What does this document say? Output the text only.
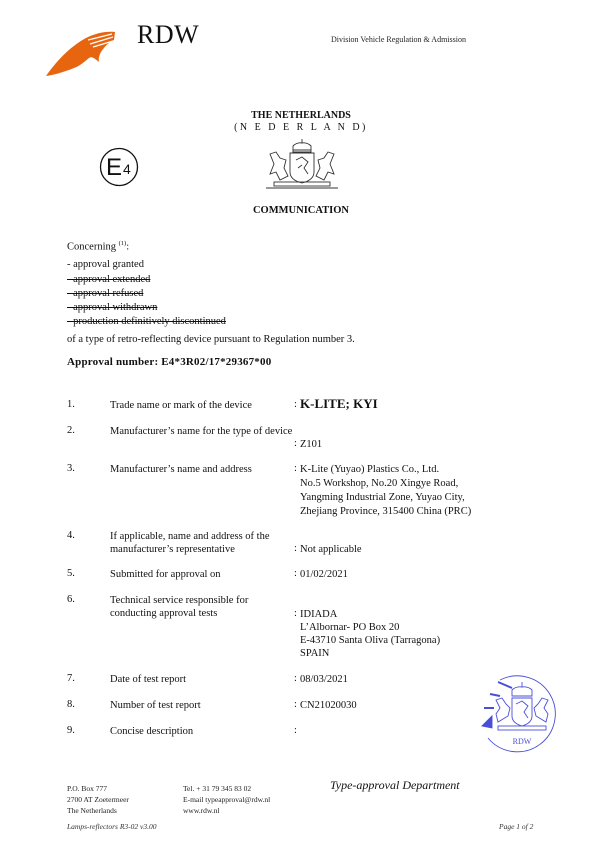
RDW	Division Vehicle Regulation & Admission
THE NETHERLANDS
(N E D E R L A N D)
E 4
COMMUNICATION
Concerning $^{(1)}$:
- approval granted
- approval extended
- approval refused
- approval withdrawn
- production definitively discontinued
of a type of retro-reflecting device pursuant to Regulation number 3.
Approval number: E4*3R02/17*29367*00
1.	Trade name or mark of the device	: K-LITE; KYI
2.	Manufacturer’s name for the type of device
: Z101
3.	Manufacturer’s name and address	: K-Lite (Yuyao) Plastics Co., Ltd.
No.5 Workshop, No.20 Xingye Road,
Yangming Industrial Zone, Yuyao City,
Zhejiang Province, 315400 China (PRC)
4.	If applicable, name and address of the manufacturer’s representative	: Not applicable
5.	Submitted for approval on	: 01/02/2021
6.	Technical service responsible for conducting approval tests	: IDIADA
L’Albornar- PO Box 20
E-43710 Santa Oliva (Tarragona)
SPAIN
7.	Date of test report	: 08/03/2021
8.	Number of test report	: CN21020030
9.	Concise description	:
RDW
P.O. Box 777
2700 AT Zoetermeer
The Netherlands
Tel. + 31 79 345 83 02
E-mail typeapproval@rdw.nl
www.rdw.nl
Type-approval Department
Lamps-reflectors R3-02 v3.00	Page 1 of 2
